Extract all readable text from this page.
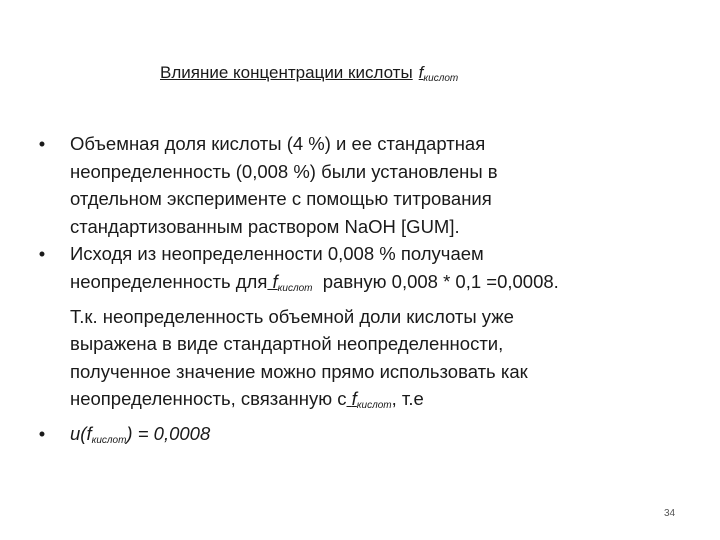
Влияние концентрации кислоты $f_{кислот}$
• Объемная доля кислоты (4 %) и ее стандартная
неопределенность (0,008 %) были установлены в
отдельном эксперименте с помощью титрования
стандартизованным раствором NaOH [GUM].
• Исходя из неопределенности 0,008 % получаем
неопределенность для $f_{кислот}$ равную 0,008 * 0,1 =0,0008.
Т.к. неопределенность объемной доли кислоты уже
выражена в виде стандартной неопределенности,
полученное значение можно прямо использовать как
неопределенность, связанную с $f_{кислот}$, т.е
• $u(f_{кислот}) = 0,0008$
34
